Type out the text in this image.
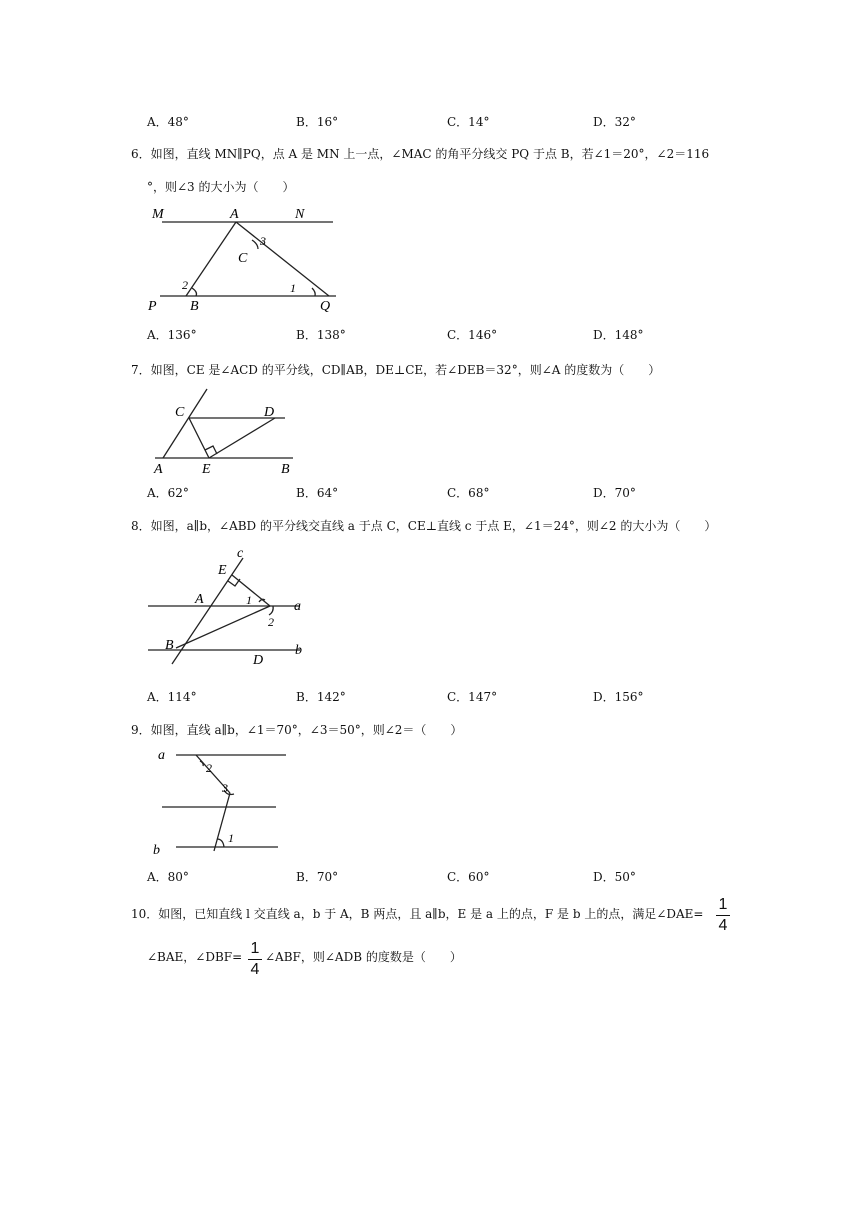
A．48°	B．16°	C．14°	D．32°
6．如图，直线 MN∥PQ，点 A 是 MN 上一点，∠MAC 的角平分线交 PQ 于点 B，若∠1＝20°，∠2＝116
°，则∠3 的大小为（　　）
M	A	N
3
C
2	1
P B	Q
A．136°	B．138°	C．146°	D．148°
7．如图，CE 是∠ACD 的平分线，CD∥AB，DE⊥CE，若∠DEB＝32°，则∠A 的度数为（　　）
C	D
A	E	B
A．62°	B．64°	C．68°	D．70°
8．如图，a∥b，∠ABD 的平分线交直线 a 于点 C，CE⊥直线 c 于点 E，∠1＝24°，则∠2 的大小为（　　）
c
E
A	1	a
2
B
D
b
A．114°	B．142°	C．147°	D．156°
9．如图，直线 a∥b，∠1＝70°，∠3＝50°，则∠2＝（　　）
a
2
3
1
b
A．80°	B．70°	C．60°	D．50°
10．如图，已知直线 l 交直线 a，b 于 A，B 两点，且 a∥b，E 是 a 上的点，F 是 b 上的点，满足∠DAE=
1
4
∠BAE，∠DBF= 1
4
∠ABF，则∠ADB 的度数是（　　）
